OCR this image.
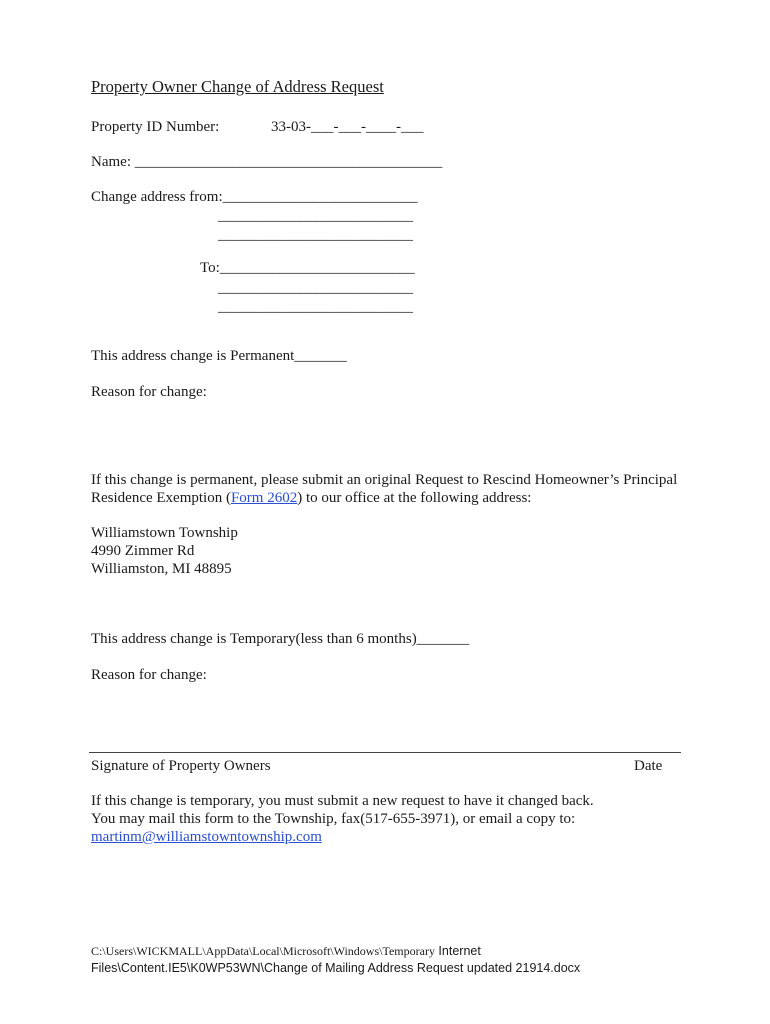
Property Owner Change of Address Request
Property ID Number:	33-03-___-___-____-___
Name: _________________________________________
Change address from:__________________________
__________________________
__________________________
To:__________________________
__________________________
__________________________
This address change is Permanent_______
Reason for change:
If this change is permanent, please submit an original Request to Rescind Homeowner’s Principal
Residence Exemption (Form 2602) to our office at the following address:
Williamstown Township
4990 Zimmer Rd
Williamston, MI 48895
This address change is Temporary(less than 6 months)_______
Reason for change:
Signature of Property Owners	Date
If this change is temporary, you must submit a new request to have it changed back.
You may mail this form to the Township, fax(517-655-3971), or email a copy to:
martinm@williamstowntownship.com
C:\Users\WICKMALL\AppData\Local\Microsoft\Windows\Temporary Internet
Files\Content.IE5\K0WP53WN\Change of Mailing Address Request updated 21914.docx
